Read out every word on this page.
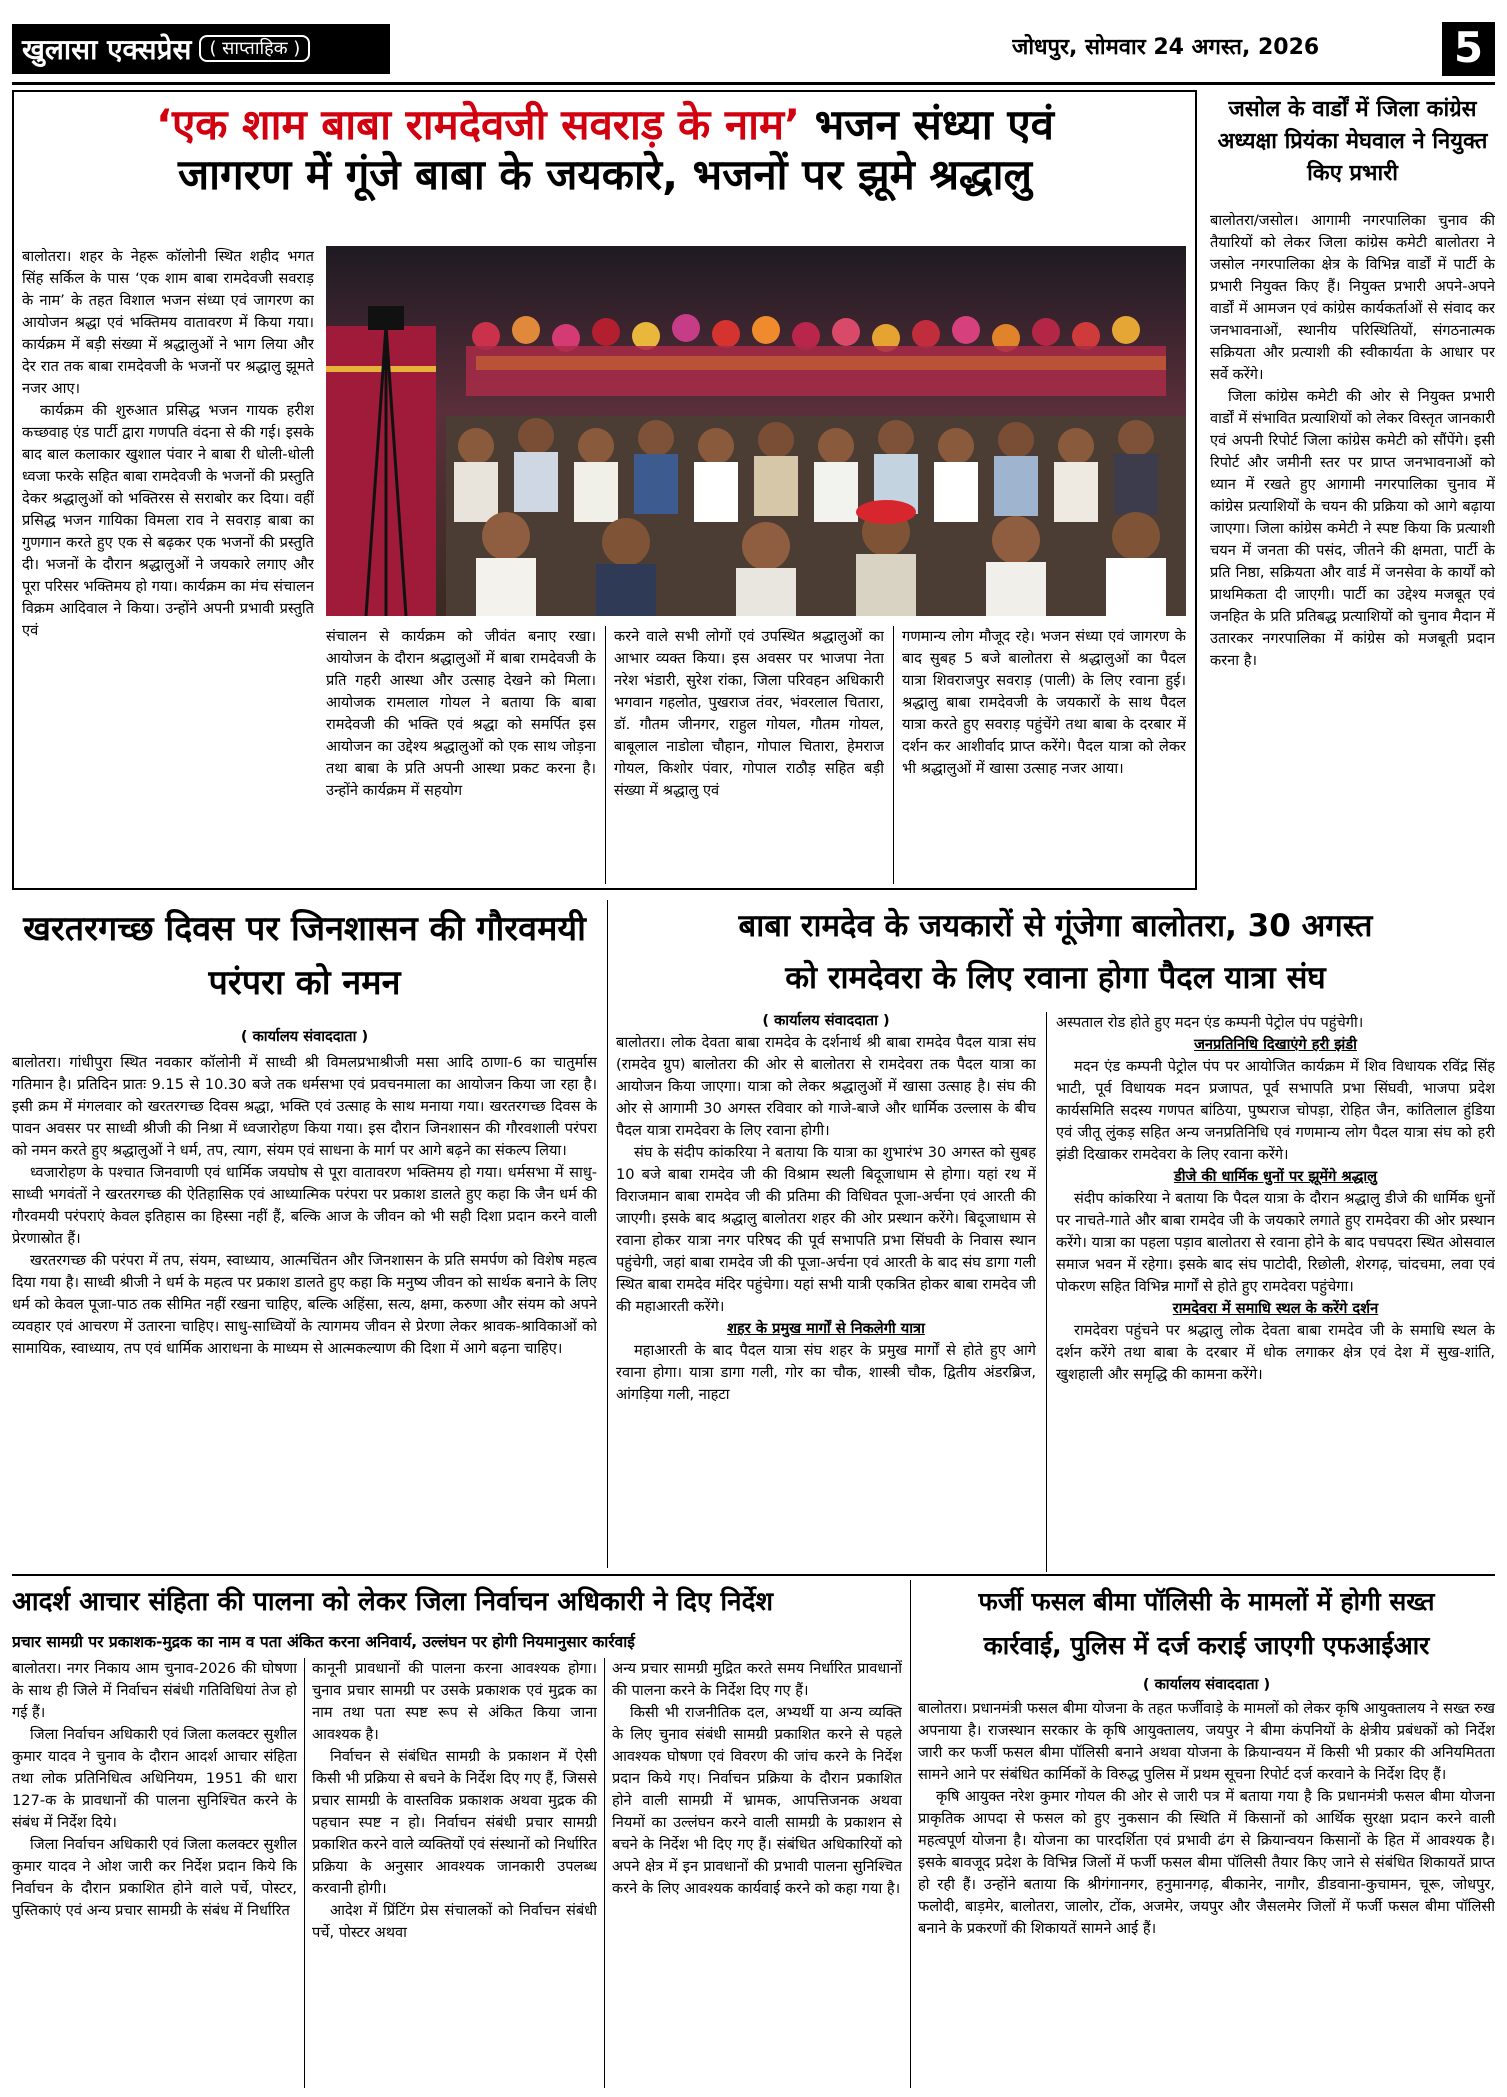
खुलासा एक्सप्रेस ( साप्ताहिक )	जोधपुर, सोमवार 24 अगस्त, 2026	5
‘एक शाम बाबा रामदेवजी सवराड़ के नाम’ भजन संध्या एवं
जागरण में गूंजे बाबा के जयकारे, भजनों पर झूमे श्रद्धालु

बालोतरा। शहर के नेहरू कॉलोनी स्थित शहीद भगत सिंह सर्किल के पास ‘एक शाम बाबा रामदेवजी सवराड़ के नाम’ के तहत विशाल भजन संध्या एवं जागरण का आयोजन श्रद्धा एवं भक्तिमय वातावरण में किया गया। कार्यक्रम में बड़ी संख्या में श्रद्धालुओं ने भाग लिया और देर रात तक बाबा रामदेवजी के भजनों पर श्रद्धालु झूमते नजर आए।

कार्यक्रम की शुरुआत प्रसिद्ध भजन गायक हरीश कच्छवाह एंड पार्टी द्वारा गणपति वंदना से की गई। इसके बाद बाल कलाकार खुशाल पंवार ने बाबा री धोली-धोली ध्वजा फरके सहित बाबा रामदेवजी के भजनों की प्रस्तुति देकर श्रद्धालुओं को भक्तिरस से सराबोर कर दिया। वहीं प्रसिद्ध भजन गायिका विमला राव ने सवराड़ बाबा का गुणगान करते हुए एक से बढ़कर एक भजनों की प्रस्तुति दी। भजनों के दौरान श्रद्धालुओं ने जयकारे लगाए और पूरा परिसर भक्तिमय हो गया। कार्यक्रम का मंच संचालन विक्रम आदिवाल ने किया। उन्होंने अपनी प्रभावी प्रस्तुति एवं	संचालन से कार्यक्रम को जीवंत बनाए रखा। आयोजन के दौरान श्रद्धालुओं में बाबा रामदेवजी के प्रति गहरी आस्था और उत्साह देखने को मिला। आयोजक रामलाल गोयल ने बताया कि बाबा रामदेवजी की भक्ति एवं श्रद्धा को समर्पित इस आयोजन का उद्देश्य श्रद्धालुओं को एक साथ जोड़ना तथा बाबा के प्रति अपनी आस्था प्रकट करना है। उन्होंने कार्यक्रम में सहयोग
करने वाले सभी लोगों एवं उपस्थित श्रद्धालुओं का आभार व्यक्त किया। इस अवसर पर भाजपा नेता नरेश भंडारी, सुरेश रांका, जिला परिवहन अधिकारी भगवान गहलोत, पुखराज तंवर, भंवरलाल चितारा, डॉ. गौतम जीनगर, राहुल गोयल, गौतम गोयल, बाबूलाल नाडोला चौहान, गोपाल चितारा, हेमराज गोयल, किशोर पंवार, गोपाल राठौड़ सहित बड़ी संख्या में श्रद्धालु एवं
गणमान्य लोग मौजूद रहे। भजन संध्या एवं जागरण के बाद सुबह 5 बजे बालोतरा से श्रद्धालुओं का पैदल यात्रा शिवराजपुर सवराड़ (पाली) के लिए रवाना हुई। श्रद्धालु बाबा रामदेवजी के जयकारों के साथ पैदल यात्रा करते हुए सवराड़ पहुंचेंगे तथा बाबा के दरबार में दर्शन कर आशीर्वाद प्राप्त करेंगे। पैदल यात्रा को लेकर भी श्रद्धालुओं में खासा उत्साह नजर आया।
जसोल के वार्डों में जिला कांग्रेस अध्यक्षा प्रियंका मेघवाल ने नियुक्त किए प्रभारी

बालोतरा/जसोल। आगामी नगरपालिका चुनाव की तैयारियों को लेकर जिला कांग्रेस कमेटी बालोतरा ने जसोल नगरपालिका क्षेत्र के विभिन्न वार्डों में पार्टी के प्रभारी नियुक्त किए हैं। नियुक्त प्रभारी अपने-अपने वार्डों में आमजन एवं कांग्रेस कार्यकर्ताओं से संवाद कर जनभावनाओं, स्थानीय परिस्थितियों, संगठनात्मक सक्रियता और प्रत्याशी की स्वीकार्यता के आधार पर सर्वे करेंगे।

जिला कांग्रेस कमेटी की ओर से नियुक्त प्रभारी वार्डों में संभावित प्रत्याशियों को लेकर विस्तृत जानकारी एवं अपनी रिपोर्ट जिला कांग्रेस कमेटी को सौंपेंगे। इसी रिपोर्ट और जमीनी स्तर पर प्राप्त जनभावनाओं को ध्यान में रखते हुए आगामी नगरपालिका चुनाव में कांग्रेस प्रत्याशियों के चयन की प्रक्रिया को आगे बढ़ाया जाएगा। जिला कांग्रेस कमेटी ने स्पष्ट किया कि प्रत्याशी चयन में जनता की पसंद, जीतने की क्षमता, पार्टी के प्रति निष्ठा, सक्रियता और वार्ड में जनसेवा के कार्यों को प्राथमिकता दी जाएगी। पार्टी का उद्देश्य मजबूत एवं जनहित के प्रति प्रतिबद्ध प्रत्याशियों को चुनाव मैदान में उतारकर नगरपालिका में कांग्रेस को मजबूती प्रदान करना है।

खरतरगच्छ दिवस पर जिनशासन की गौरवमयी परंपरा को नमन
( कार्यालय संवाददाता )

बालोतरा। गांधीपुरा स्थित नवकार कॉलोनी में साध्वी श्री विमलप्रभाश्रीजी मसा आदि ठाणा-6 का चातुर्मास गतिमान है। प्रतिदिन प्रातः 9.15 से 10.30 बजे तक धर्मसभा एवं प्रवचनमाला का आयोजन किया जा रहा है। इसी क्रम में मंगलवार को खरतरगच्छ दिवस श्रद्धा, भक्ति एवं उत्साह के साथ मनाया गया। खरतरगच्छ दिवस के पावन अवसर पर साध्वी श्रीजी की निश्रा में ध्वजारोहण किया गया। इस दौरान जिनशासन की गौरवशाली परंपरा को नमन करते हुए श्रद्धालुओं ने धर्म, तप, त्याग, संयम एवं साधना के मार्ग पर आगे बढ़ने का संकल्प लिया।

ध्वजारोहण के पश्चात जिनवाणी एवं धार्मिक जयघोष से पूरा वातावरण भक्तिमय हो गया। धर्मसभा में साधु-साध्वी भगवंतों ने खरतरगच्छ की ऐतिहासिक एवं आध्यात्मिक परंपरा पर प्रकाश डालते हुए कहा कि जैन धर्म की गौरवमयी परंपराएं केवल इतिहास का हिस्सा नहीं हैं, बल्कि आज के जीवन को भी सही दिशा प्रदान करने वाली प्रेरणास्रोत हैं।

खरतरगच्छ की परंपरा में तप, संयम, स्वाध्याय, आत्मचिंतन और जिनशासन के प्रति समर्पण को विशेष महत्व दिया गया है। साध्वी श्रीजी ने धर्म के महत्व पर प्रकाश डालते हुए कहा कि मनुष्य जीवन को सार्थक बनाने के लिए धर्म को केवल पूजा-पाठ तक सीमित नहीं रखना चाहिए, बल्कि अहिंसा, सत्य, क्षमा, करुणा और संयम को अपने व्यवहार एवं आचरण में उतारना चाहिए। साधु-साध्वियों के त्यागमय जीवन से प्रेरणा लेकर श्रावक-श्राविकाओं को सामायिक, स्वाध्याय, तप एवं धार्मिक आराधना के माध्यम से आत्मकल्याण की दिशा में आगे बढ़ना चाहिए।

बाबा रामदेव के जयकारों से गूंजेगा बालोतरा, 30 अगस्त
को रामदेवरा के लिए रवाना होगा पैदल यात्रा संघ
( कार्यालय संवाददाता )

बालोतरा। लोक देवता बाबा रामदेव के दर्शनार्थ श्री बाबा रामदेव पैदल यात्रा संघ (रामदेव ग्रुप) बालोतरा की ओर से बालोतरा से रामदेवरा तक पैदल यात्रा का आयोजन किया जाएगा। यात्रा को लेकर श्रद्धालुओं में खासा उत्साह है। संघ की ओर से आगामी 30 अगस्त रविवार को गाजे-बाजे और धार्मिक उल्लास के बीच पैदल यात्रा रामदेवरा के लिए रवाना होगी।

संघ के संदीप कांकरिया ने बताया कि यात्रा का शुभारंभ 30 अगस्त को सुबह 10 बजे बाबा रामदेव जी की विश्राम स्थली बिदूजाधाम से होगा। यहां रथ में विराजमान बाबा रामदेव जी की प्रतिमा की विधिवत पूजा-अर्चना एवं आरती की जाएगी। इसके बाद श्रद्धालु बालोतरा शहर की ओर प्रस्थान करेंगे। बिदूजाधाम से रवाना होकर यात्रा नगर परिषद की पूर्व सभापति प्रभा सिंघवी के निवास स्थान पहुंचेगी, जहां बाबा रामदेव जी की पूजा-अर्चना एवं आरती के बाद संघ डागा गली स्थित बाबा रामदेव मंदिर पहुंचेगा। यहां सभी यात्री एकत्रित होकर बाबा रामदेव जी की महाआरती करेंगे।

शहर के प्रमुख मार्गों से निकलेगी यात्रा

महाआरती के बाद पैदल यात्रा संघ शहर के प्रमुख मार्गों से होते हुए आगे रवाना होगा। यात्रा डागा गली, गोर का चौक, शास्त्री चौक, द्वितीय अंडरब्रिज, आंगड़िया गली, नाहटा

अस्पताल रोड होते हुए मदन एंड कम्पनी पेट्रोल पंप पहुंचेगी।

जनप्रतिनिधि दिखाएंगे हरी झंडी

मदन एंड कम्पनी पेट्रोल पंप पर आयोजित कार्यक्रम में शिव विधायक रविंद्र सिंह भाटी, पूर्व विधायक मदन प्रजापत, पूर्व सभापति प्रभा सिंघवी, भाजपा प्रदेश कार्यसमिति सदस्य गणपत बांठिया, पुष्पराज चोपड़ा, रोहित जैन, कांतिलाल हुंडिया एवं जीतू लुंकड़ सहित अन्य जनप्रतिनिधि एवं गणमान्य लोग पैदल यात्रा संघ को हरी झंडी दिखाकर रामदेवरा के लिए रवाना करेंगे।

डीजे की धार्मिक धुनों पर झूमेंगे श्रद्धालु

संदीप कांकरिया ने बताया कि पैदल यात्रा के दौरान श्रद्धालु डीजे की धार्मिक धुनों पर नाचते-गाते और बाबा रामदेव जी के जयकारे लगाते हुए रामदेवरा की ओर प्रस्थान करेंगे। यात्रा का पहला पड़ाव बालोतरा से रवाना होने के बाद पचपदरा स्थित ओसवाल समाज भवन में रहेगा। इसके बाद संघ पाटोदी, रिछोली, शेरगढ़, चांदचमा, लवा एवं पोकरण सहित विभिन्न मार्गों से होते हुए रामदेवरा पहुंचेगा।

रामदेवरा में समाधि स्थल के करेंगे दर्शन

रामदेवरा पहुंचने पर श्रद्धालु लोक देवता बाबा रामदेव जी के समाधि स्थल के दर्शन करेंगे तथा बाबा के दरबार में धोक लगाकर क्षेत्र एवं देश में सुख-शांति, खुशहाली और समृद्धि की कामना करेंगे।

आदर्श आचार संहिता की पालना को लेकर जिला निर्वाचन अधिकारी ने दिए निर्देश
प्रचार सामग्री पर प्रकाशक-मुद्रक का नाम व पता अंकित करना अनिवार्य, उल्लंघन पर होगी नियमानुसार कार्रवाई

बालोतरा। नगर निकाय आम चुनाव-2026 की घोषणा के साथ ही जिले में निर्वाचन संबंधी गतिविधियां तेज हो गई हैं।

जिला निर्वाचन अधिकारी एवं जिला कलक्टर सुशील कुमार यादव ने चुनाव के दौरान आदर्श आचार संहिता तथा लोक प्रतिनिधित्व अधिनियम, 1951 की धारा 127-क के प्रावधानों की पालना सुनिश्चित करने के संबंध में निर्देश दिये।

जिला निर्वाचन अधिकारी एवं जिला कलक्टर सुशील कुमार यादव ने ओश जारी कर निर्देश प्रदान किये कि निर्वाचन के दौरान प्रकाशित होने वाले पर्चे, पोस्टर, पुस्तिकाएं एवं अन्य प्रचार सामग्री के संबंध में निर्धारित

कानूनी प्रावधानों की पालना करना आवश्यक होगा। चुनाव प्रचार सामग्री पर उसके प्रकाशक एवं मुद्रक का नाम तथा पता स्पष्ट रूप से अंकित किया जाना आवश्यक है।

निर्वाचन से संबंधित सामग्री के प्रकाशन में ऐसी किसी भी प्रक्रिया से बचने के निर्देश दिए गए हैं, जिससे प्रचार सामग्री के वास्तविक प्रकाशक अथवा मुद्रक की पहचान स्पष्ट न हो। निर्वाचन संबंधी प्रचार सामग्री प्रकाशित करने वाले व्यक्तियों एवं संस्थानों को निर्धारित प्रक्रिया के अनुसार आवश्यक जानकारी उपलब्ध करवानी होगी।

आदेश में प्रिंटिंग प्रेस संचालकों को निर्वाचन संबंधी पर्चे, पोस्टर अथवा

अन्य प्रचार सामग्री मुद्रित करते समय निर्धारित प्रावधानों की पालना करने के निर्देश दिए गए हैं।

किसी भी राजनीतिक दल, अभ्यर्थी या अन्य व्यक्ति के लिए चुनाव संबंधी सामग्री प्रकाशित करने से पहले आवश्यक घोषणा एवं विवरण की जांच करने के निर्देश प्रदान किये गए। निर्वाचन प्रक्रिया के दौरान प्रकाशित होने वाली सामग्री में भ्रामक, आपत्तिजनक अथवा नियमों का उल्लंघन करने वाली सामग्री के प्रकाशन से बचने के निर्देश भी दिए गए हैं। संबंधित अधिकारियों को अपने क्षेत्र में इन प्रावधानों की प्रभावी पालना सुनिश्चित करने के लिए आवश्यक कार्यवाई करने को कहा गया है।

फर्जी फसल बीमा पॉलिसी के मामलों में होगी सख्त
कार्रवाई, पुलिस में दर्ज कराई जाएगी एफआईआर
( कार्यालय संवाददाता )

बालोतरा। प्रधानमंत्री फसल बीमा योजना के तहत फर्जीवाड़े के मामलों को लेकर कृषि आयुक्तालय ने सख्त रुख अपनाया है। राजस्थान सरकार के कृषि आयुक्तालय, जयपुर ने बीमा कंपनियों के क्षेत्रीय प्रबंधकों को निर्देश जारी कर फर्जी फसल बीमा पॉलिसी बनाने अथवा योजना के क्रियान्वयन में किसी भी प्रकार की अनियमितता सामने आने पर संबंधित कार्मिकों के विरुद्ध पुलिस में प्रथम सूचना रिपोर्ट दर्ज करवाने के निर्देश दिए हैं।

कृषि आयुक्त नरेश कुमार गोयल की ओर से जारी पत्र में बताया गया है कि प्रधानमंत्री फसल बीमा योजना प्राकृतिक आपदा से फसल को हुए नुकसान की स्थिति में किसानों को आर्थिक सुरक्षा प्रदान करने वाली महत्वपूर्ण योजना है। योजना का पारदर्शिता एवं प्रभावी ढंग से क्रियान्वयन किसानों के हित में आवश्यक है। इसके बावजूद प्रदेश के विभिन्न जिलों में फर्जी फसल बीमा पॉलिसी तैयार किए जाने से संबंधित शिकायतें प्राप्त हो रही हैं। उन्होंने बताया कि श्रीगंगानगर, हनुमानगढ़, बीकानेर, नागौर, डीडवाना-कुचामन, चूरू, जोधपुर, फलोदी, बाड़मेर, बालोतरा, जालोर, टोंक, अजमेर, जयपुर और जैसलमेर जिलों में फर्जी फसल बीमा पॉलिसी बनाने के प्रकरणों की शिकायतें सामने आई हैं।
